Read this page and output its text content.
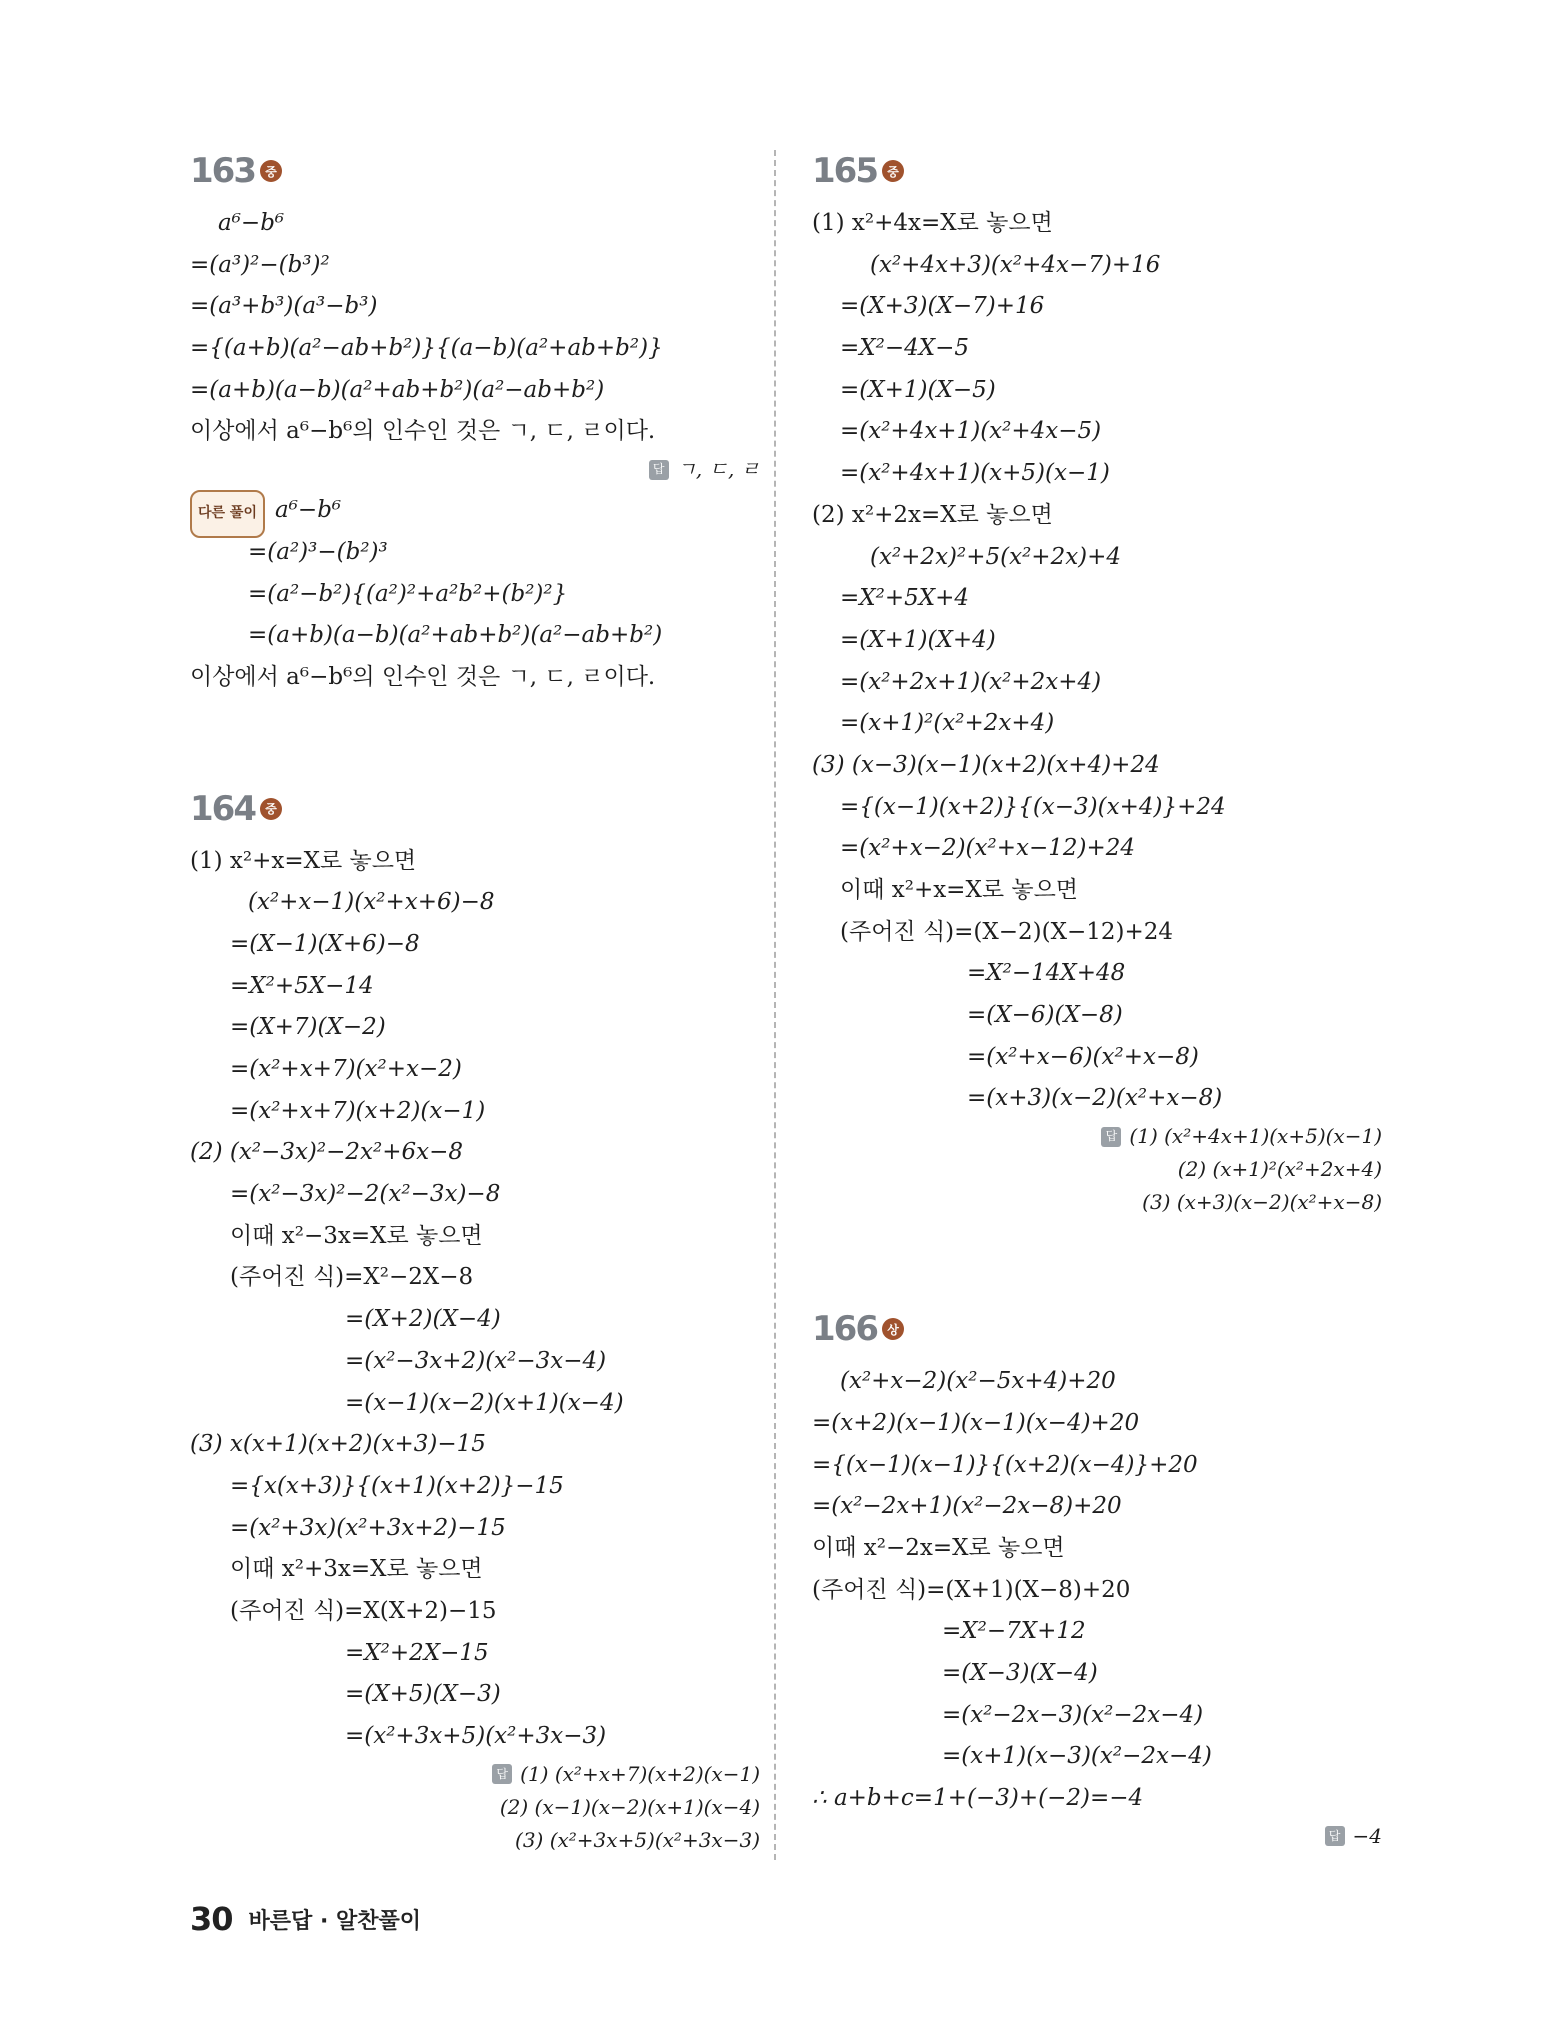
163 중
a⁶−b⁶
=(a³)²−(b³)²
=(a³+b³)(a³−b³)
={(a+b)(a²−ab+b²)}{(a−b)(a²+ab+b²)}
=(a+b)(a−b)(a²+ab+b²)(a²−ab+b²)
이상에서 a⁶−b⁶의 인수인 것은 ㄱ, ㄷ, ㄹ이다.
답 ㄱ, ㄷ, ㄹ
다른 풀이 a⁶−b⁶
=(a²)³−(b²)³
=(a²−b²){(a²)²+a²b²+(b²)²}
=(a+b)(a−b)(a²+ab+b²)(a²−ab+b²)
이상에서 a⁶−b⁶의 인수인 것은 ㄱ, ㄷ, ㄹ이다.
164 중
(1) x²+x=X로 놓으면
(x²+x−1)(x²+x+6)−8
=(X−1)(X+6)−8
=X²+5X−14
=(X+7)(X−2)
=(x²+x+7)(x²+x−2)
=(x²+x+7)(x+2)(x−1)
(2) (x²−3x)²−2x²+6x−8
=(x²−3x)²−2(x²−3x)−8
이때 x²−3x=X로 놓으면
(주어진 식)=X²−2X−8
=(X+2)(X−4)
=(x²−3x+2)(x²−3x−4)
=(x−1)(x−2)(x+1)(x−4)
(3) x(x+1)(x+2)(x+3)−15
={x(x+3)}{(x+1)(x+2)}−15
=(x²+3x)(x²+3x+2)−15
이때 x²+3x=X로 놓으면
(주어진 식)=X(X+2)−15
=X²+2X−15
=(X+5)(X−3)
=(x²+3x+5)(x²+3x−3)
답 (1) (x²+x+7)(x+2)(x−1)
(2) (x−1)(x−2)(x+1)(x−4)
(3) (x²+3x+5)(x²+3x−3)
165 중
(1) x²+4x=X로 놓으면
(x²+4x+3)(x²+4x−7)+16
=(X+3)(X−7)+16
=X²−4X−5
=(X+1)(X−5)
=(x²+4x+1)(x²+4x−5)
=(x²+4x+1)(x+5)(x−1)
(2) x²+2x=X로 놓으면
(x²+2x)²+5(x²+2x)+4
=X²+5X+4
=(X+1)(X+4)
=(x²+2x+1)(x²+2x+4)
=(x+1)²(x²+2x+4)
(3) (x−3)(x−1)(x+2)(x+4)+24
={(x−1)(x+2)}{(x−3)(x+4)}+24
=(x²+x−2)(x²+x−12)+24
이때 x²+x=X로 놓으면
(주어진 식)=(X−2)(X−12)+24
=X²−14X+48
=(X−6)(X−8)
=(x²+x−6)(x²+x−8)
=(x+3)(x−2)(x²+x−8)
답 (1) (x²+4x+1)(x+5)(x−1)
(2) (x+1)²(x²+2x+4)
(3) (x+3)(x−2)(x²+x−8)
166 상
(x²+x−2)(x²−5x+4)+20
=(x+2)(x−1)(x−1)(x−4)+20
={(x−1)(x−1)}{(x+2)(x−4)}+20
=(x²−2x+1)(x²−2x−8)+20
이때 x²−2x=X로 놓으면
(주어진 식)=(X+1)(X−8)+20
=X²−7X+12
=(X−3)(X−4)
=(x²−2x−3)(x²−2x−4)
=(x+1)(x−3)(x²−2x−4)
∴ a+b+c=1+(−3)+(−2)=−4
답 −4
30 바른답 · 알찬풀이
